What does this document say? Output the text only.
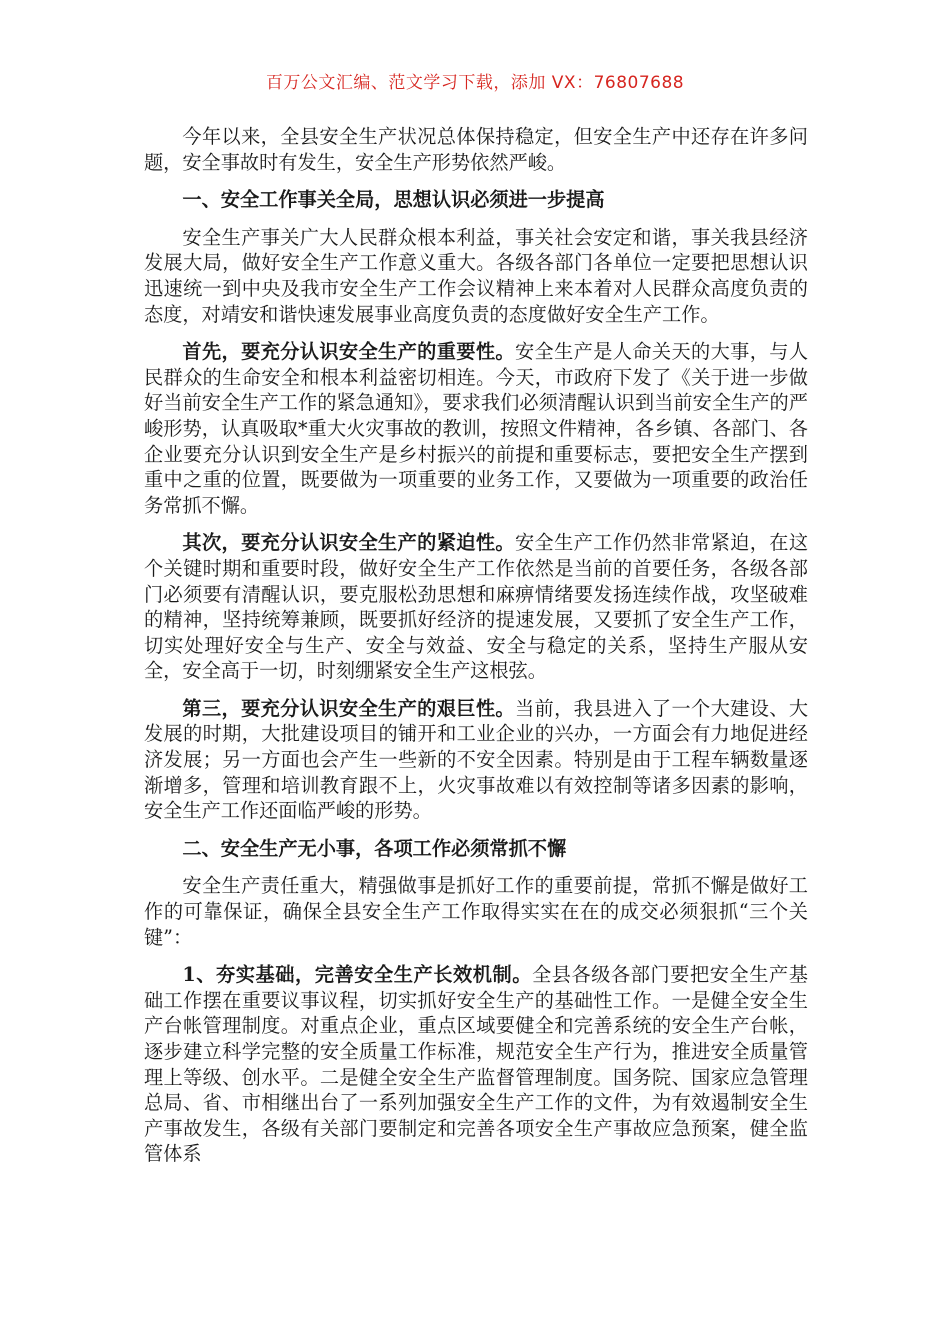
百万公文汇编、范文学习下载，添加 VX：76807688

今年以来，全县安全生产状况总体保持稳定，但安全生产中还存在许多问题，安全事故时有发生，安全生产形势依然严峻。

一、安全工作事关全局，思想认识必须进一步提高

安全生产事关广大人民群众根本利益，事关社会安定和谐，事关我县经济发展大局，做好安全生产工作意义重大。各级各部门各单位一定要把思想认识迅速统一到中央及我市安全生产工作会议精神上来本着对人民群众高度负责的态度，对靖安和谐快速发展事业高度负责的态度做好安全生产工作。

首先，要充分认识安全生产的重要性。安全生产是人命关天的大事，与人民群众的生命安全和根本利益密切相连。今天，市政府下发了《关于进一步做好当前安全生产工作的紧急通知》，要求我们必须清醒认识到当前安全生产的严峻形势，认真吸取*重大火灾事故的教训，按照文件精神，各乡镇、各部门、各企业要充分认识到安全生产是乡村振兴的前提和重要标志，要把安全生产摆到重中之重的位置，既要做为一项重要的业务工作，又要做为一项重要的政治任务常抓不懈。

其次，要充分认识安全生产的紧迫性。安全生产工作仍然非常紧迫，在这个关键时期和重要时段，做好安全生产工作依然是当前的首要任务，各级各部门必须要有清醒认识，要克服松劲思想和麻痹情绪要发扬连续作战，攻坚破难的精神，坚持统筹兼顾，既要抓好经济的提速发展，又要抓了安全生产工作，切实处理好安全与生产、安全与效益、安全与稳定的关系，坚持生产服从安全，安全高于一切，时刻绷紧安全生产这根弦。

第三，要充分认识安全生产的艰巨性。当前，我县进入了一个大建设、大发展的时期，大批建设项目的铺开和工业企业的兴办，一方面会有力地促进经济发展；另一方面也会产生一些新的不安全因素。特别是由于工程车辆数量逐渐增多，管理和培训教育跟不上，火灾事故难以有效控制等诸多因素的影响，安全生产工作还面临严峻的形势。

二、安全生产无小事，各项工作必须常抓不懈

安全生产责任重大，精强做事是抓好工作的重要前提，常抓不懈是做好工作的可靠保证，确保全县安全生产工作取得实实在在的成交必须狠抓“三个关键”：

1、夯实基础，完善安全生产长效机制。全县各级各部门要把安全生产基础工作摆在重要议事议程，切实抓好安全生产的基础性工作。一是健全安全生产台帐管理制度。对重点企业，重点区域要健全和完善系统的安全生产台帐，逐步建立科学完整的安全质量工作标准，规范安全生产行为，推进安全质量管理上等级、创水平。二是健全安全生产监督管理制度。国务院、国家应急管理总局、省、市相继出台了一系列加强安全生产工作的文件，为有效遏制安全生产事故发生，各级有关部门要制定和完善各项安全生产事故应急预案，健全监管体系
